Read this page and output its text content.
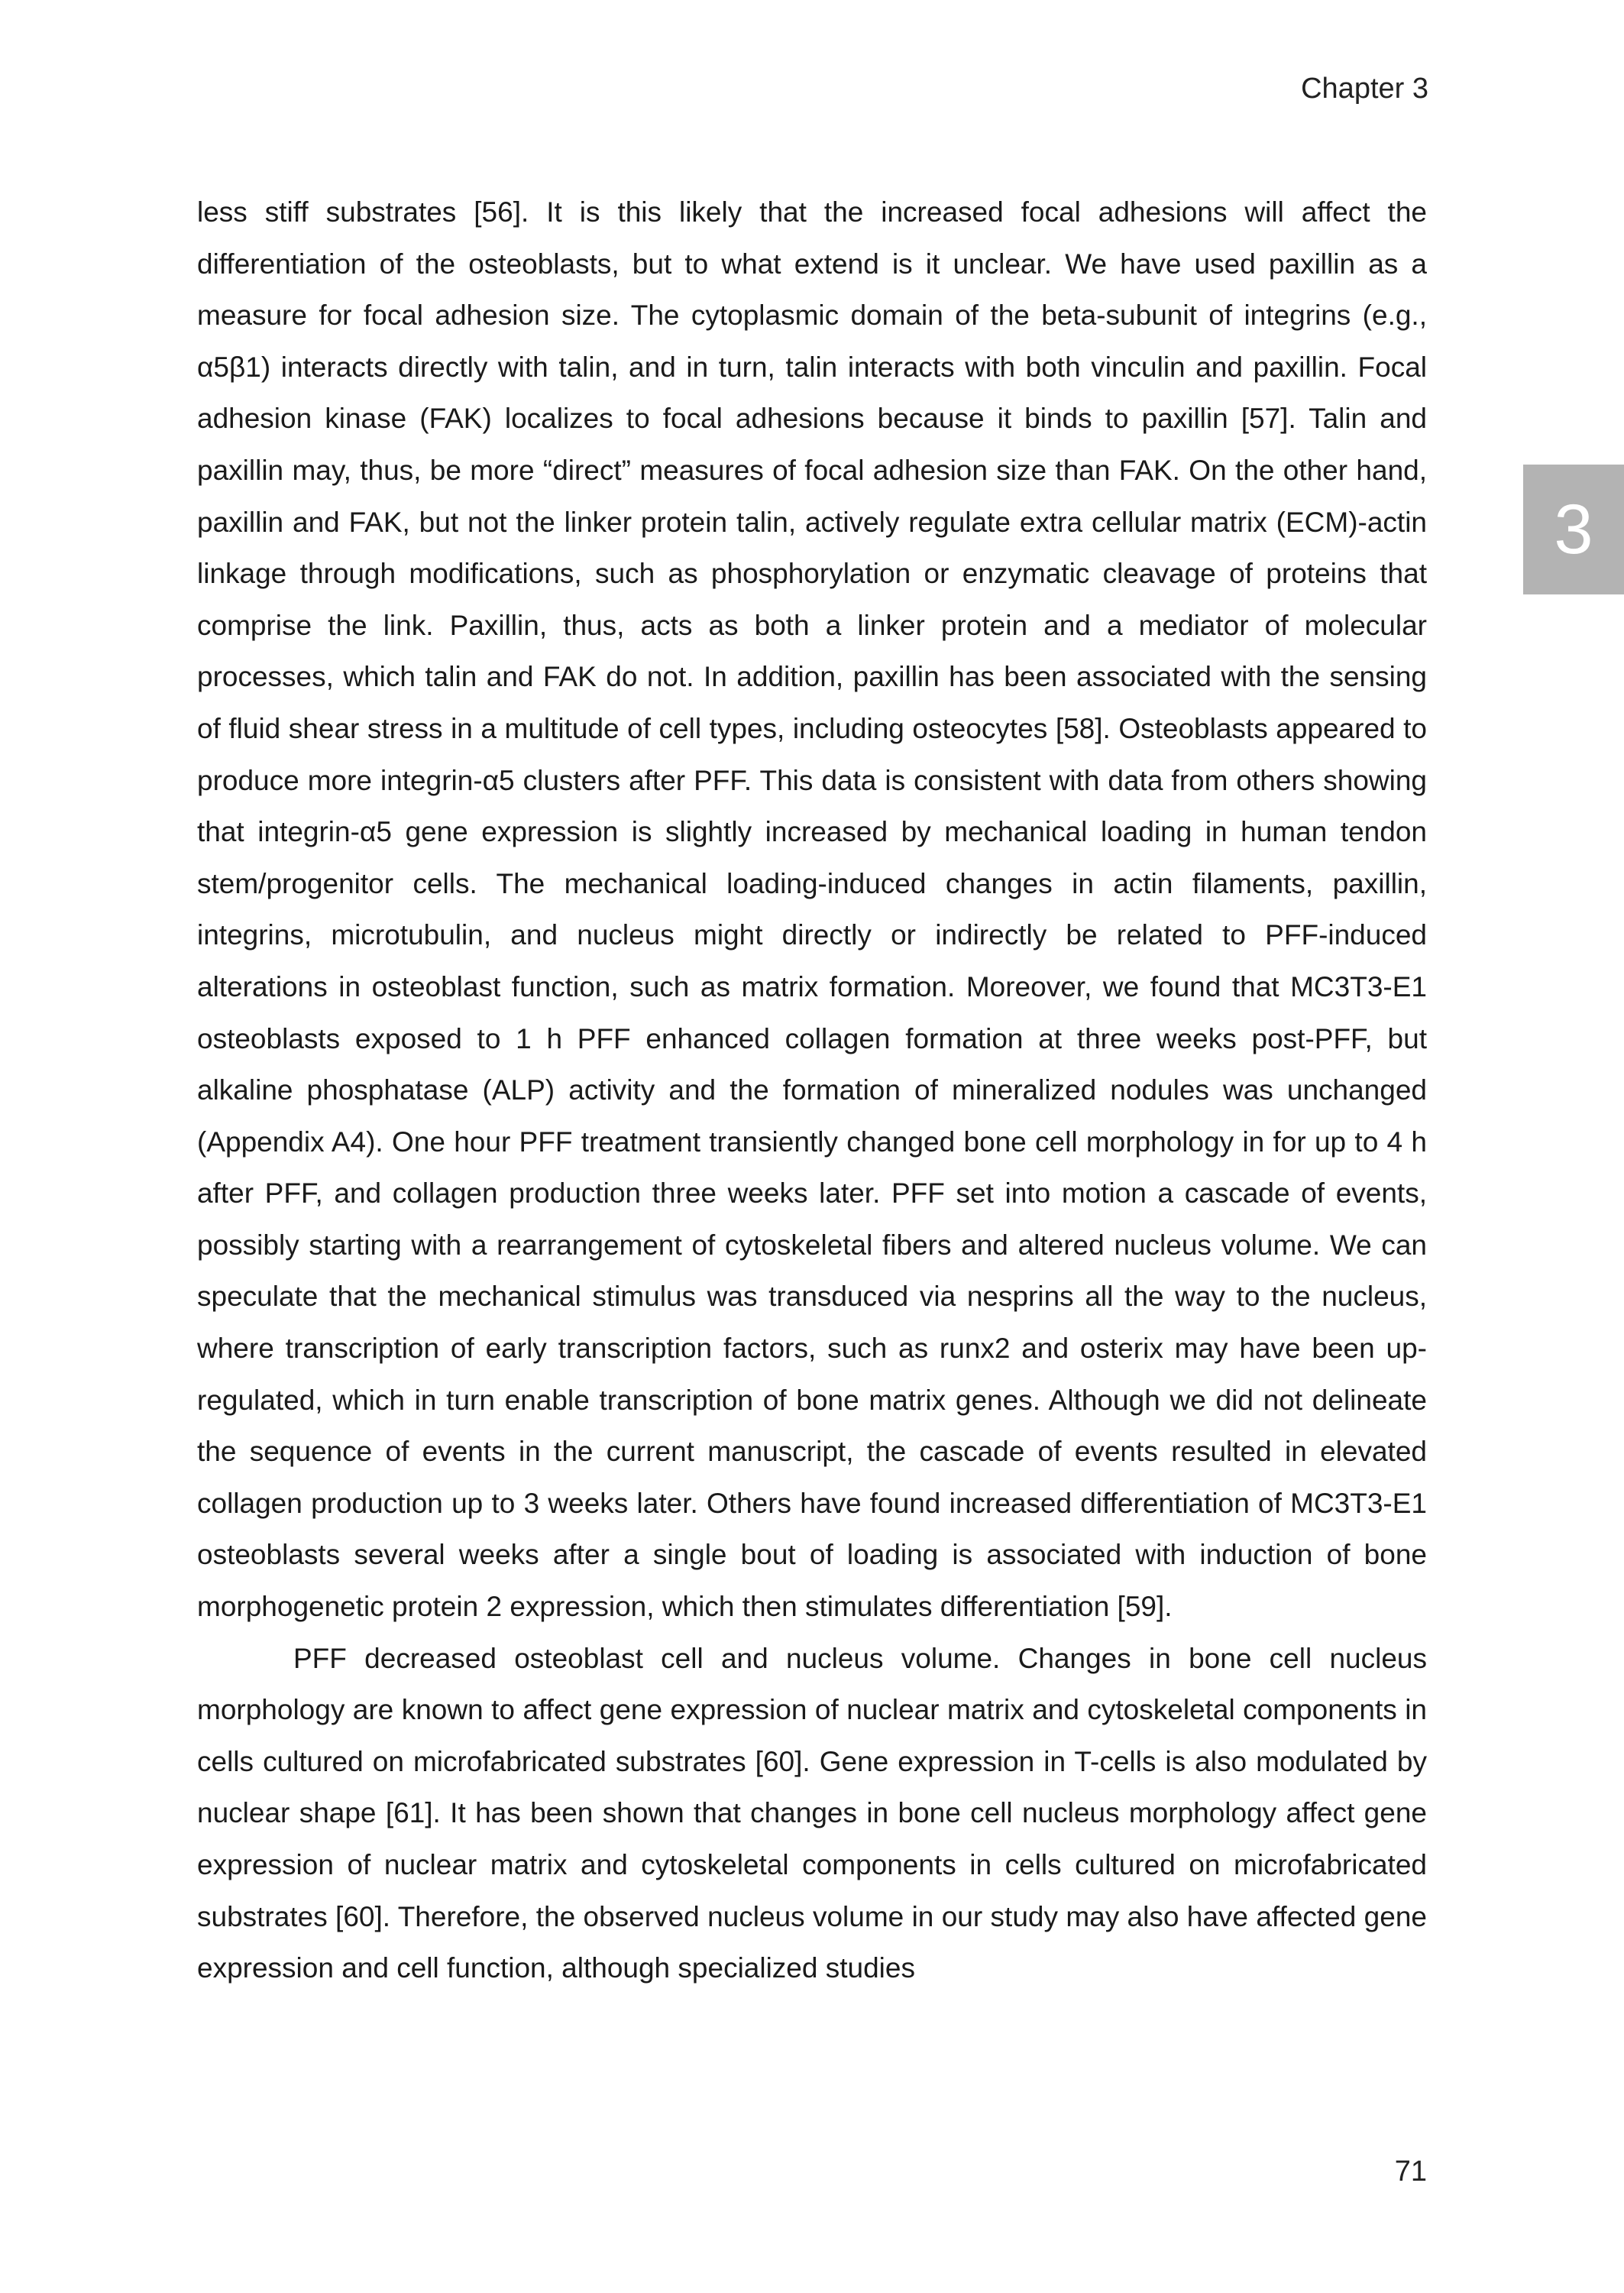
Chapter 3
3

less stiff substrates [56]. It is this likely that the increased focal adhesions will affect the differentiation of the osteoblasts, but to what extend is it unclear. We have used paxillin as a measure for focal adhesion size. The cytoplasmic domain of the beta-subunit of integrins (e.g., α5β1) interacts directly with talin, and in turn, talin interacts with both vinculin and paxillin. Focal adhesion kinase (FAK) localizes to focal adhesions because it binds to paxillin [57]. Talin and paxillin may, thus, be more “direct” measures of focal adhesion size than FAK. On the other hand, paxillin and FAK, but not the linker protein talin, actively regulate extra cellular matrix (ECM)-actin linkage through modifications, such as phosphorylation or enzymatic cleavage of proteins that comprise the link. Paxillin, thus, acts as both a linker protein and a mediator of molecular processes, which talin and FAK do not. In addition, paxillin has been associated with the sensing of fluid shear stress in a multitude of cell types, including osteocytes [58]. Osteoblasts appeared to produce more integrin-α5 clusters after PFF. This data is consistent with data from others showing that integrin-α5 gene expression is slightly increased by mechanical loading in human tendon stem/progenitor cells. The mechanical loading-induced changes in actin filaments, paxillin, integrins, microtubulin, and nucleus might directly or indirectly be related to PFF-induced alterations in osteoblast function, such as matrix formation. Moreover, we found that MC3T3-E1 osteoblasts exposed to 1 h PFF enhanced collagen formation at three weeks post-PFF, but alkaline phosphatase (ALP) activity and the formation of mineralized nodules was unchanged (Appendix A4). One hour PFF treatment transiently changed bone cell morphology in for up to 4 h after PFF, and collagen production three weeks later. PFF set into motion a cascade of events, possibly starting with a rearrangement of cytoskeletal fibers and altered nucleus volume. We can speculate that the mechanical stimulus was transduced via nesprins all the way to the nucleus, where transcription of early transcription factors, such as runx2 and osterix may have been up-regulated, which in turn enable transcription of bone matrix genes. Although we did not delineate the sequence of events in the current manuscript, the cascade of events resulted in elevated collagen production up to 3 weeks later. Others have found increased differentiation of MC3T3-E1 osteoblasts several weeks after a single bout of loading is associated with induction of bone morphogenetic protein 2 expression, which then stimulates differentiation [59].

PFF decreased osteoblast cell and nucleus volume. Changes in bone cell nucleus morphology are known to affect gene expression of nuclear matrix and cytoskeletal components in cells cultured on microfabricated substrates [60]. Gene expression in T-cells is also modulated by nuclear shape [61]. It has been shown that changes in bone cell nucleus morphology affect gene expression of nuclear matrix and cytoskeletal components in cells cultured on microfabricated substrates [60]. Therefore, the observed nucleus volume in our study may also have affected gene expression and cell function, although specialized studies

71
